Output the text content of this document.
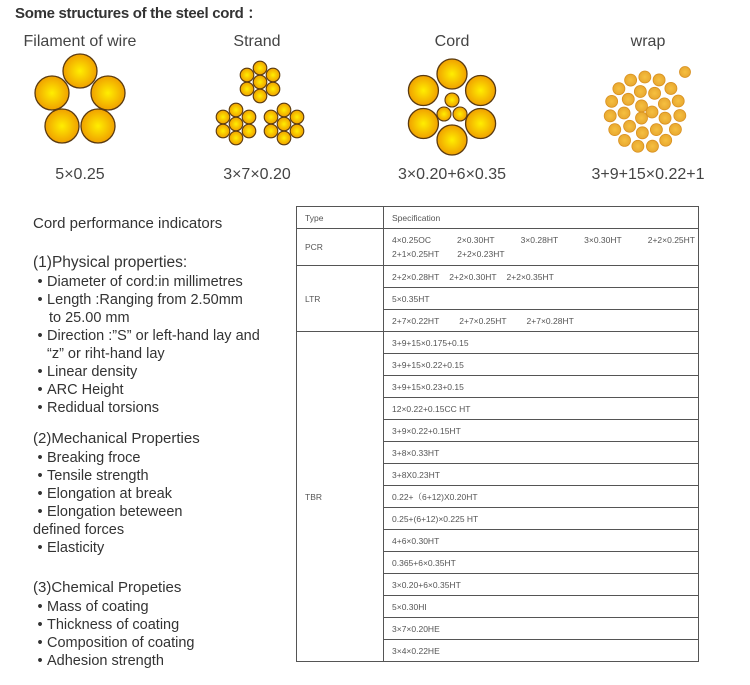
Some structures of the steel cord ：
Filament of wire
5×0.25
Strand
3×7×0.20
Cord
3×0.20+6×0.35
wrap
3+9+15×0.22+1
Cord performance indicators
(1)Physical properties:
• Diameter of cord:in millimetres
• Length :Ranging from 2.50mm
to 25.00 mm
• Direction :”S” or left-hand lay and
“z” or riht-hand lay
• Linear density
• ARC Height
• Redidual torsions
(2)Mechanical Properties
• Breaking froce
• Tensile strength
• Elongation at break
• Elongation beteween
defined forces
• Elasticity
(3)Chemical Propeties
• Mass of coating
• Thickness of coating
• Composition of coating
• Adhesion strength
Type	Specification
PCR	4×0.25OC 2×0.30HT 3×0.28HT 3×0.30HT 2+2×0.25HT
2+1×0.25HT 2+2×0.23HT

LTR	2+2×0.28HT 2+2×0.30HT 2+2×0.35HT
	5×0.35HT
	2+7×0.22HT 2+7×0.25HT 2+7×0.28HT
TBR	3+9+15×0.175+0.15
	3+9+15×0.22+0.15
	3+9+15×0.23+0.15
	12×0.22+0.15CC HT
	3+9×0.22+0.15HT
	3+8×0.33HT
	3+8X0.23HT
	0.22+（6+12)X0.20HT
	0.25+(6+12)×0.225 HT
	4+6×0.30HT
	0.365+6×0.35HT
	3×0.20+6×0.35HT
	5×0.30HI
	3×7×0.20HE
	3×4×0.22HE
